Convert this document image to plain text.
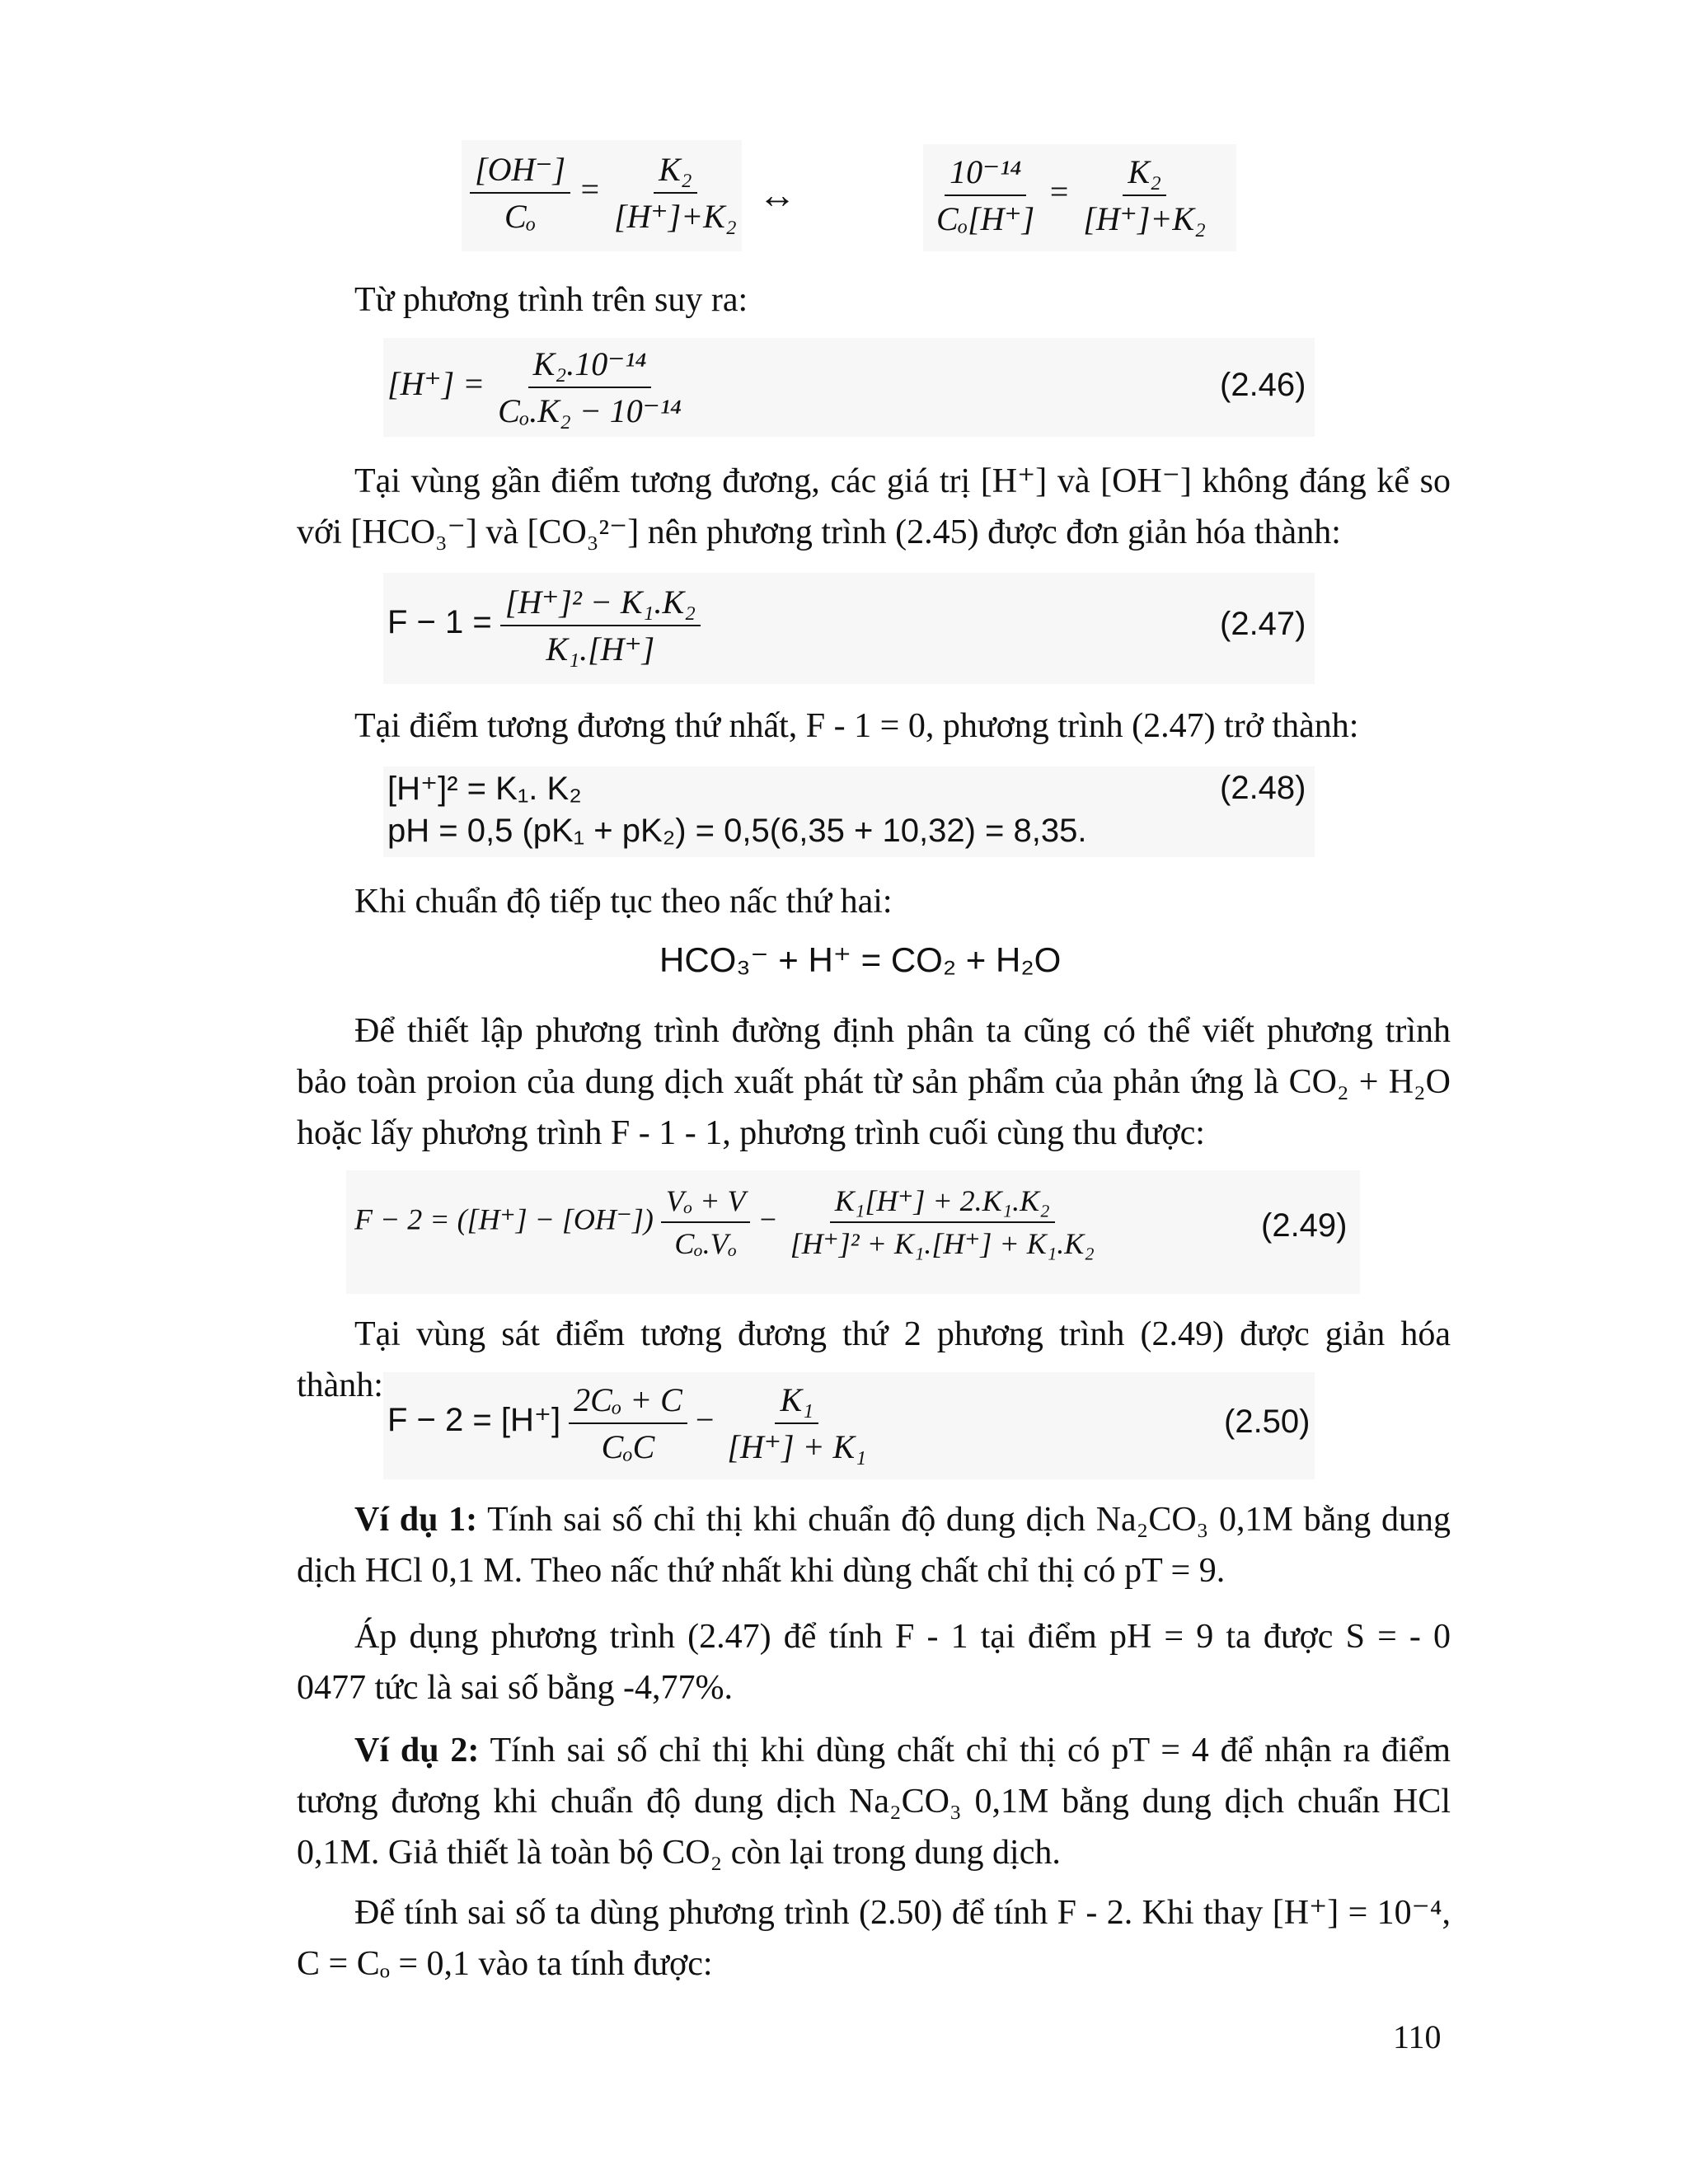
$\frac{[OH^-]}{\text{Cₒ}} = \frac{\text{K₂}}{\text{[H⁺]+K₂}}$ ↔	$\frac{\text{10⁻¹⁴}}{\text{Cₒ[H⁺]}} = \frac{\text{K₂}}{\text{[H⁺]+K₂}}$

Từ phương trình trên suy ra:

$[H^+] = \frac{\text{K₂.10⁻¹⁴}}{\text{Cₒ.K₂ − 10⁻¹⁴}}$	(2.46)

Tại vùng gần điểm tương đương, các giá trị [H⁺] và [OH⁻] không đáng kể so với [HCO₃⁻] và [CO₃²⁻] nên phương trình (2.45) được đơn giản hóa thành:

$F - 1 = \frac{\text{[H⁺]² − K₁.K₂}}{\text{K₁.[H⁺]}}$	(2.47)

Tại điểm tương đương thứ nhất, F - 1 = 0, phương trình (2.47) trở thành:

[H⁺]² = K₁. K₂
pH = 0,5 (pK₁ + pK₂) = 0,5(6,35 + 10,32) = 8,35.
(2.48)

Khi chuẩn độ tiếp tục theo nấc thứ hai:

HCO₃⁻ + H⁺ = CO₂ + H₂O

Để thiết lập phương trình đường định phân ta cũng có thể viết phương trình bảo toàn proion của dung dịch xuất phát từ sản phẩm của phản ứng là CO₂ + H₂O hoặc lấy phương trình F - 1 - 1, phương trình cuối cùng thu được:

$F - 2 = ([H^+] - [OH^-]) \frac{\text{Vₒ + V}}{\text{Cₒ.Vₒ}} - \frac{\text{K₁[H⁺] + 2.K₁.K₂}}{\text{[H⁺]² + K₁.[H⁺] + K₁.K₂}}$	(2.49)

Tại vùng sát điểm tương đương thứ 2 phương trình (2.49) được giản hóa thành:

$F - 2 = [H^+] \frac{\text{2Cₒ + C}}{\text{CₒC}} - \frac{\text{K₁}}{\text{[H⁺] + K₁}}$	(2.50)

Ví dụ 1: Tính sai số chỉ thị khi chuẩn độ dung dịch Na₂CO₃ 0,1M bằng dung dịch HCl 0,1 M. Theo nấc thứ nhất khi dùng chất chỉ thị có pT = 9.

Áp dụng phương trình (2.47) để tính F - 1 tại điểm pH = 9 ta được S = - 0 0477 tức là sai số bằng -4,77%.

Ví dụ 2: Tính sai số chỉ thị khi dùng chất chỉ thị có pT = 4 để nhận ra điểm tương đương khi chuẩn độ dung dịch Na₂CO₃ 0,1M bằng dung dịch chuẩn HCl 0,1M. Giả thiết là toàn bộ CO₂ còn lại trong dung dịch.

Để tính sai số ta dùng phương trình (2.50) để tính F - 2. Khi thay [H⁺] = 10⁻⁴, C = Cₒ = 0,1 vào ta tính được:

110
